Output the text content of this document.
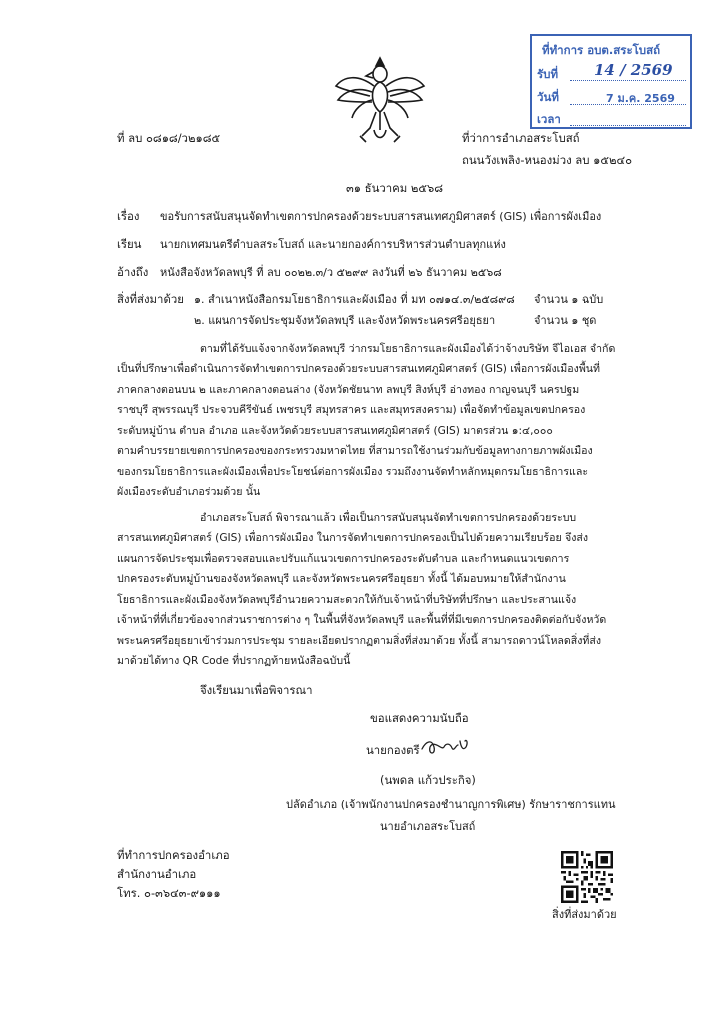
ที่ทำการ อบต.สระโบสถ์
รับที่ 14 / 2569
วันที่	7 ม.ค. 2569
เวลา
ที่ ลบ ๐๘๑๘/ว๒๑๘๕	ที่ว่าการอำเภอสระโบสถ์
ถนนวังเพลิง-หนองม่วง ลบ ๑๕๒๔๐
๓๑ ธันวาคม ๒๕๖๘
เรื่อง ขอรับการสนับสนุนจัดทำเขตการปกครองด้วยระบบสารสนเทศภูมิศาสตร์ (GIS) เพื่อการผังเมือง
เรียน นายกเทศมนตรีตำบลสระโบสถ์ และนายกองค์การบริหารส่วนตำบลทุกแห่ง
อ้างถึง หนังสือจังหวัดลพบุรี ที่ ลบ ๐๐๒๒.๓/ว ๕๒๙๙ ลงวันที่ ๒๖ ธันวาคม ๒๕๖๘
สิ่งที่ส่งมาด้วย ๑. สำเนาหนังสือกรมโยธาธิการและผังเมือง ที่ มท ๐๗๑๔.๓/๒๕๘๙๘ จำนวน ๑ ฉบับ
๒. แผนการจัดประชุมจังหวัดลพบุรี และจังหวัดพระนครศรีอยุธยา	จำนวน ๑ ชุด
ตามที่ได้รับแจ้งจากจังหวัดลพบุรี ว่ากรมโยธาธิการและผังเมืองได้ว่าจ้างบริษัท จีไอเอส จำกัด
เป็นที่ปรึกษาเพื่อดำเนินการจัดทำเขตการปกครองด้วยระบบสารสนเทศภูมิศาสตร์ (GIS) เพื่อการผังเมืองพื้นที่
ภาคกลางตอนบน ๒ และภาคกลางตอนล่าง (จังหวัดชัยนาท ลพบุรี สิงห์บุรี อ่างทอง กาญจนบุรี นครปฐม
ราชบุรี สุพรรณบุรี ประจวบคีรีขันธ์ เพชรบุรี สมุทรสาคร และสมุทรสงคราม) เพื่อจัดทำข้อมูลเขตปกครอง
ระดับหมู่บ้าน ตำบล อำเภอ และจังหวัดด้วยระบบสารสนเทศภูมิศาสตร์ (GIS) มาตรส่วน ๑:๔,๐๐๐
ตามคำบรรยายเขตการปกครองของกระทรวงมหาดไทย ที่สามารถใช้งานร่วมกับข้อมูลทางกายภาพผังเมือง
ของกรมโยธาธิการและผังเมืองเพื่อประโยชน์ต่อการผังเมือง รวมถึงงานจัดทำหลักหมุดกรมโยธาธิการและ
ผังเมืองระดับอำเภอร่วมด้วย นั้น
อำเภอสระโบสถ์ พิจารณาแล้ว เพื่อเป็นการสนับสนุนจัดทำเขตการปกครองด้วยระบบ
สารสนเทศภูมิศาสตร์ (GIS) เพื่อการผังเมือง ในการจัดทำเขตการปกครองเป็นไปด้วยความเรียบร้อย จึงส่ง
แผนการจัดประชุมเพื่อตรวจสอบและปรับแก้แนวเขตการปกครองระดับตำบล และกำหนดแนวเขตการ
ปกครองระดับหมู่บ้านของจังหวัดลพบุรี และจังหวัดพระนครศรีอยุธยา ทั้งนี้ ได้มอบหมายให้สำนักงาน
โยธาธิการและผังเมืองจังหวัดลพบุรีอำนวยความสะดวกให้กับเจ้าหน้าที่บริษัทที่ปรึกษา และประสานแจ้ง
เจ้าหน้าที่ที่เกี่ยวข้องจากส่วนราชการต่าง ๆ ในพื้นที่จังหวัดลพบุรี และพื้นที่ที่มีเขตการปกครองติดต่อกับจังหวัด
พระนครศรีอยุธยาเข้าร่วมการประชุม รายละเอียดปรากฏตามสิ่งที่ส่งมาด้วย ทั้งนี้ สามารถดาวน์โหลดสิ่งที่ส่ง
มาด้วยได้ทาง QR Code ที่ปรากฏท้ายหนังสือฉบับนี้
จึงเรียนมาเพื่อพิจารณา
ขอแสดงความนับถือ
นายกองตรี
(นพดล แก้วประกิจ)
ปลัดอำเภอ (เจ้าพนักงานปกครองชำนาญการพิเศษ) รักษาราชการแทน
นายอำเภอสระโบสถ์
ที่ทำการปกครองอำเภอ
สำนักงานอำเภอ
โทร. ๐-๓๖๔๓-๙๑๑๑
สิ่งที่ส่งมาด้วย
